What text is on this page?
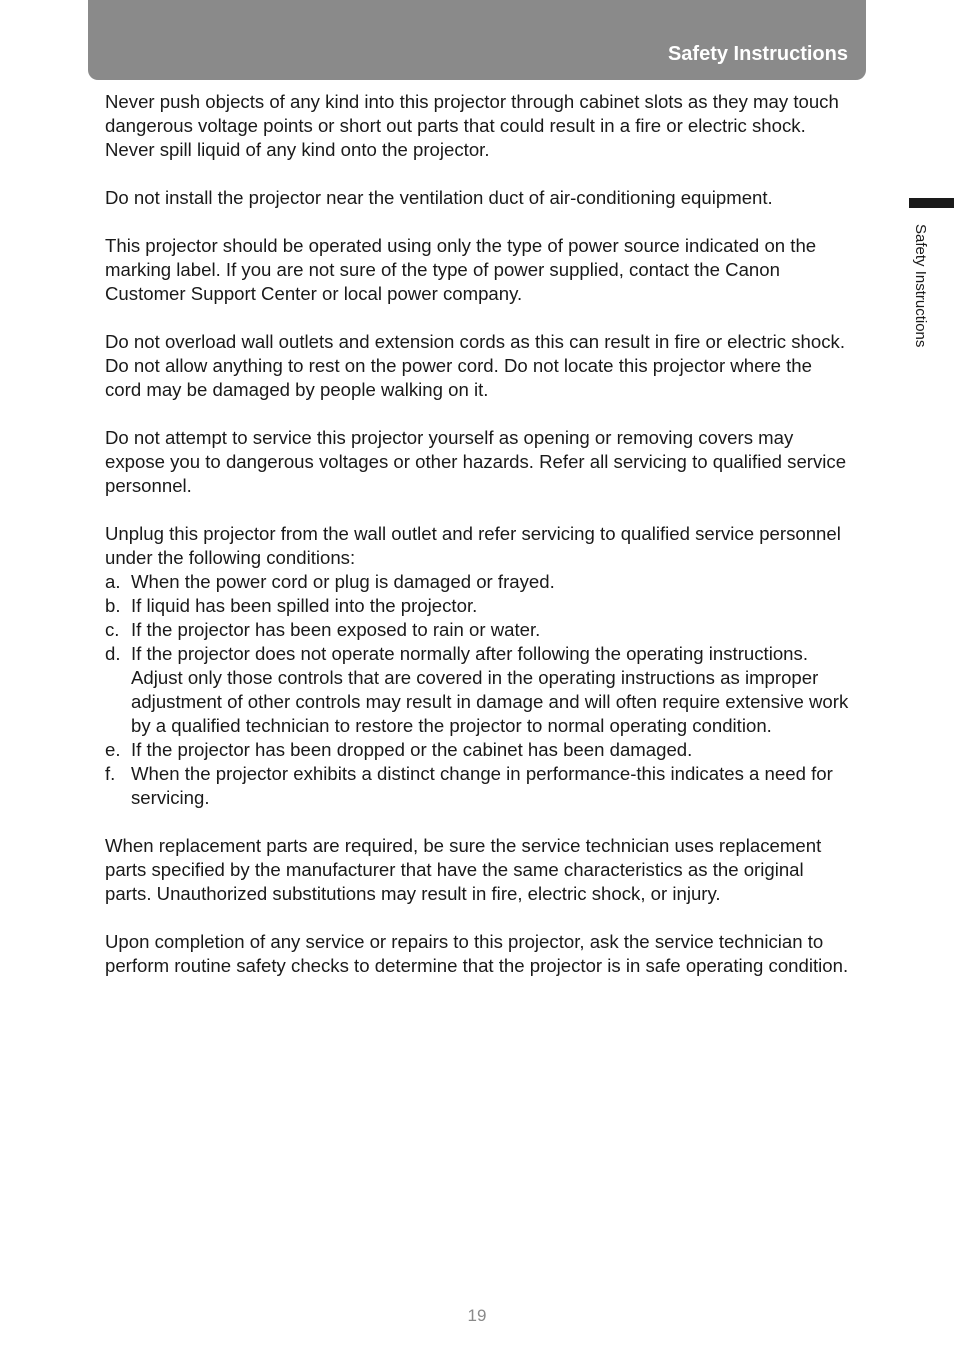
Safety Instructions
Safety Instructions

Never push objects of any kind into this projector through cabinet slots as they may touch dangerous voltage points or short out parts that could result in a fire or electric shock. Never spill liquid of any kind onto the projector.

Do not install the projector near the ventilation duct of air-conditioning equipment.

This projector should be operated using only the type of power source indicated on the marking label. If you are not sure of the type of power supplied, contact the Canon Customer Support Center or local power company.

Do not overload wall outlets and extension cords as this can result in fire or electric shock. Do not allow anything to rest on the power cord. Do not locate this projector where the cord may be damaged by people walking on it.

Do not attempt to service this projector yourself as opening or removing covers may expose you to dangerous voltages or other hazards. Refer all servicing to qualified service personnel.

Unplug this projector from the wall outlet and refer servicing to qualified service personnel under the following conditions:

a. When the power cord or plug is damaged or frayed.
b. If liquid has been spilled into the projector.
c. If the projector has been exposed to rain or water.
d. If the projector does not operate normally after following the operating instructions. Adjust only those controls that are covered in the operating instructions as improper adjustment of other controls may result in damage and will often require extensive work by a qualified technician to restore the projector to normal operating condition.
e. If the projector has been dropped or the cabinet has been damaged.
f. When the projector exhibits a distinct change in performance-this indicates a need for servicing.

When replacement parts are required, be sure the service technician uses replacement parts specified by the manufacturer that have the same characteristics as the original parts. Unauthorized substitutions may result in fire, electric shock, or injury.

Upon completion of any service or repairs to this projector, ask the service technician to perform routine safety checks to determine that the projector is in safe operating condition.

19
